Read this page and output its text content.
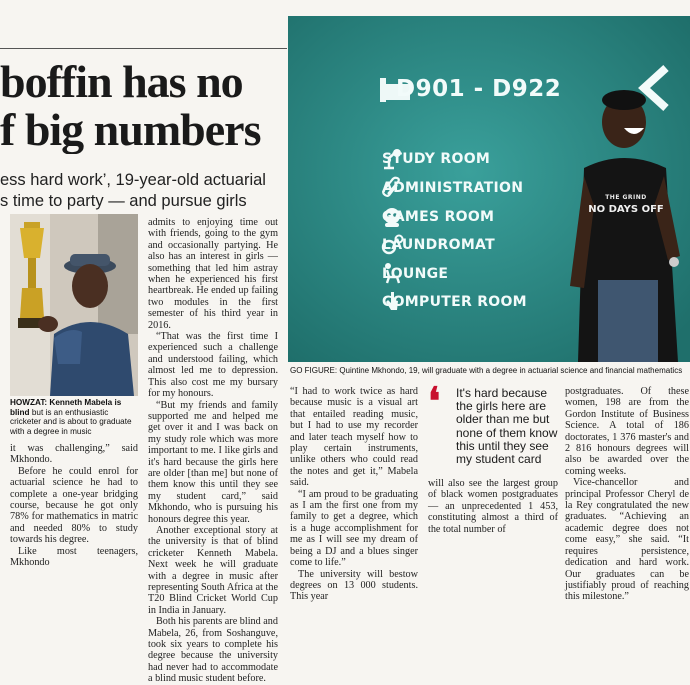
boffin has no
f big numbers
ess hard work’, 19-year-old actuarial
s time to party — and pursue girls
HOWZAT: Kenneth Mabela is blind but is an enthusiastic cricketer and is about to graduate with a degree in music

it was challenging,” said Mkhondo.

Before he could enrol for actuarial science he had to complete a one-year bridging course, because he got only 78% for mathematics in matric and needed 80% to study towards his degree.

Like most teenagers, Mkhondo

admits to enjoying time out with friends, going to the gym and occasionally partying. He also has an interest in girls — something that led him astray when he experienced his first heartbreak. He ended up failing two modules in the first semester of his third year in 2016.

“That was the first time I experienced such a challenge and understood failing, which almost led me to depression. This also cost me my bursary for my honours.

“But my friends and family supported me and helped me get over it and I was back on my study role which was more important to me. I like girls and it's hard because the girls here are older [than me] but none of them know this until they see my student card,” said Mkhondo, who is pursuing his honours degree this year.

Another exceptional story at the university is that of blind cricketer Kenneth Mabela. Next week he will graduate with a degree in music after representing South Africa at the T20 Blind Cricket World Cup in India in January.

Both his parents are blind and Mabela, 26, from Soshanguve, took six years to complete his degree because the university had never had to accommodate a blind music student before.

D901 - D922
STUDY ROOM
ADMINISTRATION
GAMES ROOM
LAUNDROMAT
LOUNGE
COMPUTER ROOM
THE GRIND
NO DAYS OFF
GO FIGURE: Quintine Mkhondo, 19, will graduate with a degree in actuarial science and financial mathematics

“I had to work twice as hard because music is a visual art that entailed reading music, but I had to use my recorder and later teach myself how to play certain instruments, unlike others who could read the notes and get it,” Mabela said.

“I am proud to be graduating as I am the first one from my family to get a degree, which is a huge accomplishment for me as I will see my dream of being a DJ and a blues singer come to life.”

The university will bestow degrees on 13 000 students. This year

❛ It's hard because the girls here are older than me but none of them know this until they see my student card

will also see the largest group of black women postgraduates — an unprecedented 1 453, constituting almost a third of the total number of

postgraduates. Of these women, 198 are from the Gordon Institute of Business Science. A total of 186 doctorates, 1 376 master's and 2 816 honours degrees will also be awarded over the coming weeks.

Vice-chancellor and principal Professor Cheryl de la Rey congratulated the new graduates. “Achieving an academic degree does not come easy,” she said. “It requires persistence, dedication and hard work. Our graduates can be justifiably proud of reaching this milestone.”
